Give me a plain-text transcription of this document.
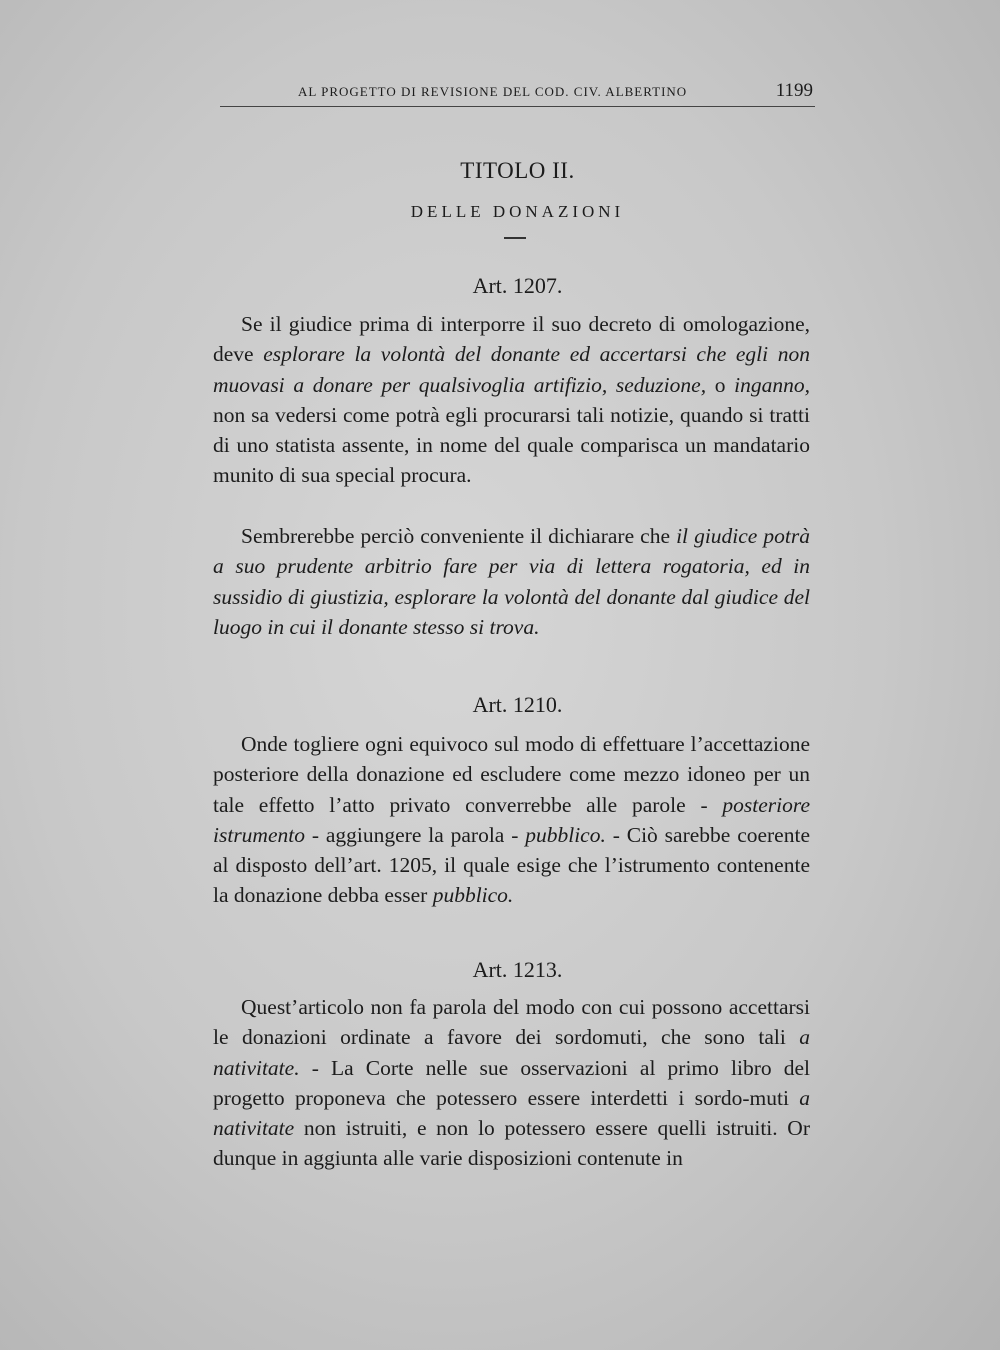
AL PROGETTO DI REVISIONE DEL COD. CIV. ALBERTINO	1199
TITOLO II.
DELLE DONAZIONI
Art. 1207.

Se il giudice prima di interporre il suo decreto di omologazione, deve esplorare la volontà del donante ed accertarsi che egli non muovasi a donare per qualsivoglia artifizio, seduzione, o inganno, non sa vedersi come potrà egli procurarsi tali notizie, quando si tratti di uno statista assente, in nome del quale comparisca un mandatario munito di sua special procura.

Sembrerebbe perciò conveniente il dichiarare che il giudice potrà a suo prudente arbitrio fare per via di lettera rogatoria, ed in sussidio di giustizia, esplorare la volontà del donante dal giudice del luogo in cui il donante stesso si trova.

Art. 1210.

Onde togliere ogni equivoco sul modo di effettuare l’accettazione posteriore della donazione ed escludere come mezzo idoneo per un tale effetto l’atto privato converrebbe alle parole - posteriore istrumento - aggiungere la parola - pubblico. - Ciò sarebbe coerente al disposto dell’art. 1205, il quale esige che l’istrumento contenente la donazione debba esser pubblico.

Art. 1213.

Quest’articolo non fa parola del modo con cui possono accettarsi le donazioni ordinate a favore dei sordomuti, che sono tali a nativitate. - La Corte nelle sue osservazioni al primo libro del progetto proponeva che potessero essere interdetti i sordo-muti a nativitate non istruiti, e non lo potessero essere quelli istruiti. Or dunque in aggiunta alle varie disposizioni contenute in
